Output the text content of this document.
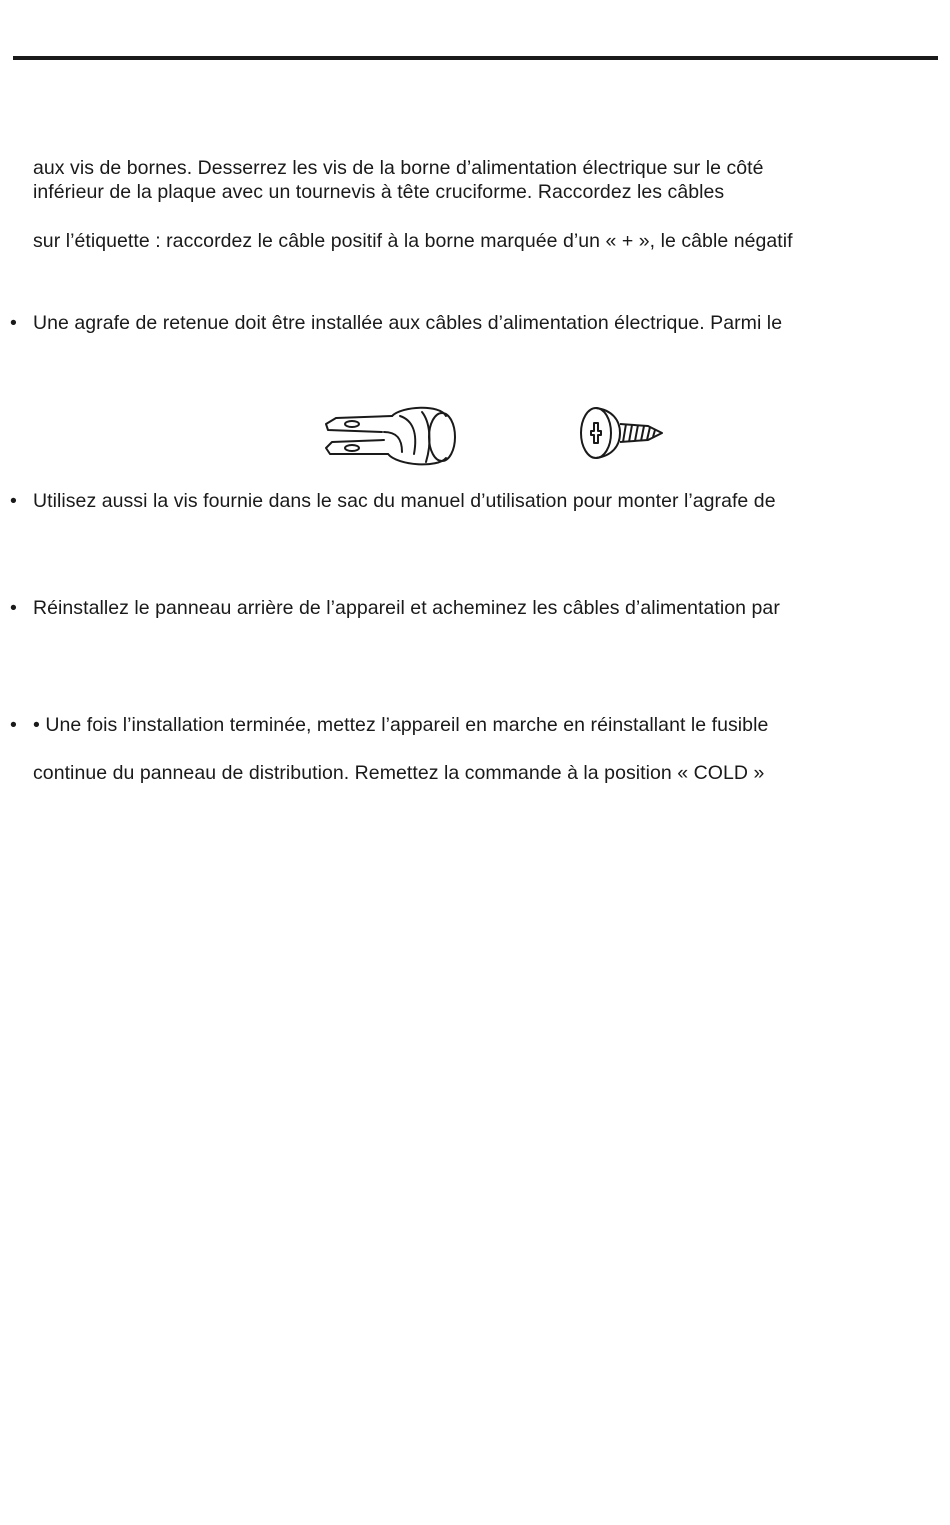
aux vis de bornes. Desserrez les vis de la borne d’alimentation électrique sur le côté
inférieur de la plaque avec un tournevis à tête cruciforme. Raccordez les câbles
sur l’étiquette : raccordez le câble positif à la borne marquée d’un « + », le câble négatif
• Une agrafe de retenue doit être installée aux câbles d’alimentation électrique. Parmi le
• Utilisez aussi la vis fournie dans le sac du manuel d’utilisation pour monter l’agrafe de
• Réinstallez le panneau arrière de l’appareil et acheminez les câbles d’alimentation par
• • Une fois l’installation terminée, mettez l’appareil en marche en réinstallant le fusible
continue du panneau de distribution. Remettez la commande à la position « COLD »
